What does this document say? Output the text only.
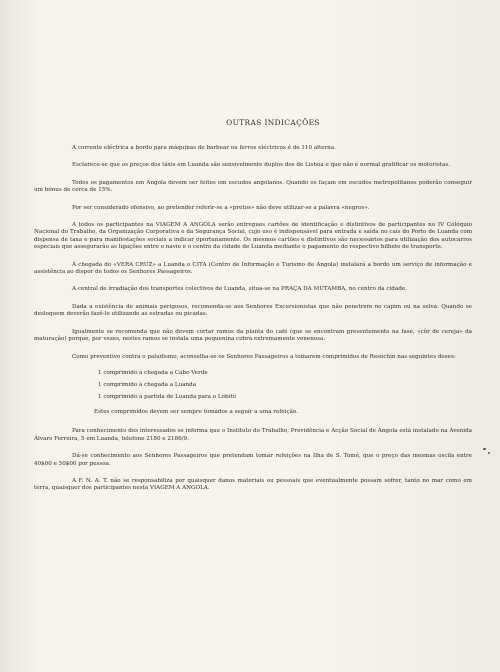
OUTRAS INDICAÇÕES

A corrente eléctrica a bordo para máquinas de barbear ou ferros eléctricos é de 110 alterna.

Esclarece-se que os preços dos táxis em Luanda são sensivelmente duplos dos de Lisboa e que não é normal gratificar os motoristas.

Todos os pagamentos em Angola devem ser feitos em escudos angolanos. Quando os façam em escudos metropolitanos poderão conseguir um bónus de cerca de 15%.

Por ser considerado ofensivo, ao pretender referir-se a «pretos» não deve utilizar-se a palavra «negros».

A todos os participantes na VIAGEM A ANGOLA serão entregues cartões de identificação e distintivos de participantes no IV Colóquio Nacional do Trabalho, da Organização Corporativa e da Segurança Social, cujo uso é indispensável para entrada e saída no cais do Porto de Luanda com dispensa de taxa e para manifestações sociais a indicar oportunamente. Os mesmos cartões e distintivos são necessários para utilização dos autocarros especiais que assegurarão as ligações entre o navio e o centro da cidade de Luanda mediante o pagamento do respectivo bilhete de transporte.

À chegada do «VERA CRUZ» a Luanda o CITA (Centro de Informação e Turismo de Angola) instalará a bordo um serviço de informação e assistência ao dispor de todos os Senhores Passageiros.

A central de irradiação dos transportes colectivos de Luanda, situa-se na PRAÇA DA MUTAMBA, no centro da cidade.

Dada a existência de animais perigosos, recomenda-se aos Senhores Excursionistas que não penetrem no capim ou na selva. Quando se desloquem deverão fazê-lo utilizando as estradas ou picadas.

Igualmente se recomenda que não devem cortar ramos da planta do café (que se encontram presentemente na fase, «côr de cereja» da maturação) porque, por vezes, nestes ramos se instala uma pequenina cobra extremamente venenosa.

Como preventivo contra o paludismo, aconselha-se os Senhores Passageiros a tomarem comprimidos de Resochin nas seguintes doses:

1 comprimido à chegada a Cabo Verde
1 comprimido à chegada a Luanda
1 comprimido à partida de Luanda para o Lobito
Estes comprimidos devem ser sempre tomados a seguir a uma refeição.

Para conhecimento dos interessados se informa que o Instituto do Trabalho, Previdência e Acção Social de Angola está instalado na Avenida Álvaro Ferreira, 5 em Luanda, telefone 2180 e 2186/9.

Dá-se conhecimento aos Senhores Passageiros que pretendam tomar refeições na Ilha de S. Tomé, que o preço das mesmas oscila entre 40$00 e 50$00 por pessoa.

A F. N. A. T. não se responsabiliza por quaisquer danos materiais ou pessoais que eventualmente possam sofrer, tanto no mar como em terra, quaisquer dos participantes nesta VIAGEM A ANGOLA.
